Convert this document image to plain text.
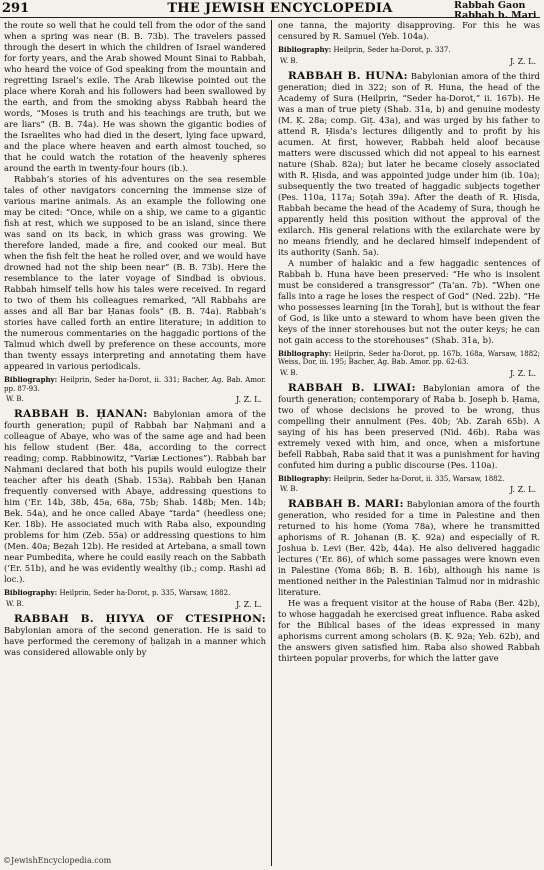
291	THE JEWISH ENCYCLOPEDIA	Rabbah Gaon
Rabbah b. Mari

the route so well that he could tell from the odor of the sand when a spring was near (B. B. 73b). The travelers passed through the desert in which the children of Israel wandered for forty years, and the Arab showed Mount Sinai to Rabbah, who heard the voice of God speaking from the mountain and regretting Israel’s exile. The Arab likewise pointed out the place where Korah and his followers had been swallowed by the earth, and from the smoking abyss Rabbah heard the words, “Moses is truth and his teachings are truth, but we are liars” (B. B. 74a). He was shown the gigantic bodies of the Israelites who had died in the desert, lying face upward, and the place where heaven and earth almost touched, so that he could watch the rotation of the heavenly spheres around the earth in twenty-four hours (ib.).

Rabbah’s stories of his adventures on the sea resemble tales of other navigators concerning the immense size of various marine animals. As an example the following one may be cited: “Once, while on a ship, we came to a gigantic fish at rest, which we supposed to be an island, since there was sand on its back, in which grass was growing. We therefore landed, made a fire, and cooked our meal. But when the fish felt the heat he rolled over, and we would have drowned had not the ship been near” (B. B. 73b). Here the resemblance to the later voyage of Sindbad is obvious. Rabbah himself tells how his tales were received. In regard to two of them his colleagues remarked, “All Rabbahs are asses and all Bar bar Ḥanas fools” (B. B. 74a). Rabbah’s stories have called forth an entire literature; in addition to the numerous commentaries on the haggadic portions of the Talmud which dwell by preference on these accounts, more than twenty essays interpreting and annotating them have appeared in various periodicals.

Bibliography: Heilprin, Seder ha-Dorot, ii. 331; Bacher, Ag. Bab. Amor. pp. 87-93.

W. B.	J. Z. L.

RABBAH B. ḤANAN: Babylonian amora of the fourth generation; pupil of Rabbah bar Naḥmani and a colleague of Abaye, who was of the same age and had been his fellow student (Ber. 48a, according to the correct reading; comp. Rabbinowitz, “Variæ Lectiones”). Rabbah bar Naḥmani declared that both his pupils would eulogize their teacher after his death (Shab. 153a). Rabbah ben Ḥanan frequently conversed with Abaye, addressing questions to him (‘Er. 14b, 38b, 45a, 68a, 75b; Shab. 148b; Men. 14b; Bek. 54a), and he once called Abaye “tarda” (heedless one; Ker. 18b). He associated much with Raba also, expounding problems for him (Zeb. 55a) or addressing questions to him (Men. 40a; Beẓah 12b). He resided at Artebana, a small town near Pumbedita, where he could easily reach on the Sabbath (‘Er. 51b), and he was evidently wealthy (ib.; comp. Rashi ad loc.).

Bibliography: Heilprin, Seder ha-Dorot, p. 335, Warsaw, 1882.

W. B.	J. Z. L.

RABBAH B. ḤIYYA OF CTESIPHON: Babylonian amora of the second generation. He is said to have performed the ceremony of ḥaliẓah in a manner which was considered allowable only by

one tanna, the majority disapproving. For this he was censured by R. Samuel (Yeb. 104a).

Bibliography: Heilprin, Seder ha-Dorot, p. 337.

W. B.	J. Z. L.

RABBAH B. HUNA: Babylonian amora of the third generation; died in 322; son of R. Huna, the head of the Academy of Sura (Heilprin, “Seder ha-Dorot,” ii. 167b). He was a man of true piety (Shab. 31a, b) and genuine modesty (M. Ḳ. 28a; comp. Giṭ. 43a), and was urged by his father to attend R. Ḥisda’s lectures diligently and to profit by his acumen. At first, however, Rabbah held aloof because matters were discussed which did not appeal to his earnest nature (Shab. 82a); but later he became closely associated with R. Ḥisda, and was appointed judge under him (ib. 10a); subsequently the two treated of haggadic subjects together (Pes. 110a, 117a; Soṭah 39a). After the death of R. Ḥisda, Rabbah became the head of the Academy of Sura, though he apparently held this position without the approval of the exilarch. His general relations with the exilarchate were by no means friendly, and he declared himself independent of its authority (Sanh. 5a).

A number of halakic and a few haggadic sentences of Rabbah b. Huna have been preserved: “He who is insolent must be considered a transgressor” (Ta‘an. 7b). “When one falls into a rage he loses the respect of God” (Ned. 22b). “He who possesses learning [in the Torah], but is without the fear of God, is like unto a steward to whom have been given the keys of the inner storehouses but not the outer keys; he can not gain access to the storehouses” (Shab. 31a, b).

Bibliography: Heilprin, Seder ha-Dorot, pp. 167b, 168a, Warsaw, 1882; Weiss, Dor, iii. 195; Bacher, Ag. Bab. Amor. pp. 62-63.

W. B.	J. Z. L.

RABBAH B. LIWAI: Babylonian amora of the fourth generation; contemporary of Raba b. Joseph b. Ḥama, two of whose decisions he proved to be wrong, thus compelling their annulment (Pes. 40b; ‘Ab. Zarah 65b). A saying of his has been preserved (Nid. 46b). Raba was extremely vexed with him, and once, when a misfortune befell Rabbah, Raba said that it was a punishment for having confuted him during a public discourse (Pes. 110a).

Bibliography: Heilprin, Seder ha-Dorot, ii. 335, Warsaw, 1882.

W. B.	J. Z. L.

RABBAH B. MARI: Babylonian amora of the fourth generation, who resided for a time in Palestine and then returned to his home (Yoma 78a), where he transmitted aphorisms of R. Johanan (B. Ḳ. 92a) and especially of R. Joshua b. Levi (Ber. 42b, 44a). He also delivered haggadic lectures (‘Er. 86), of which some passages were known even in Palestine (Yoma 86b; B. B. 16b), although his name is mentioned neither in the Palestinian Talmud nor in midrashic literature.

He was a frequent visitor at the house of Raba (Ber. 42b), to whose haggadah he exercised great influence. Raba asked for the Biblical bases of the ideas expressed in many aphorisms current among scholars (B. Ḳ. 92a; Yeb. 62b), and the answers given satisfied him. Raba also showed Rabbah thirteen popular proverbs, for which the latter gave

©JewishEncyclopedia.com
